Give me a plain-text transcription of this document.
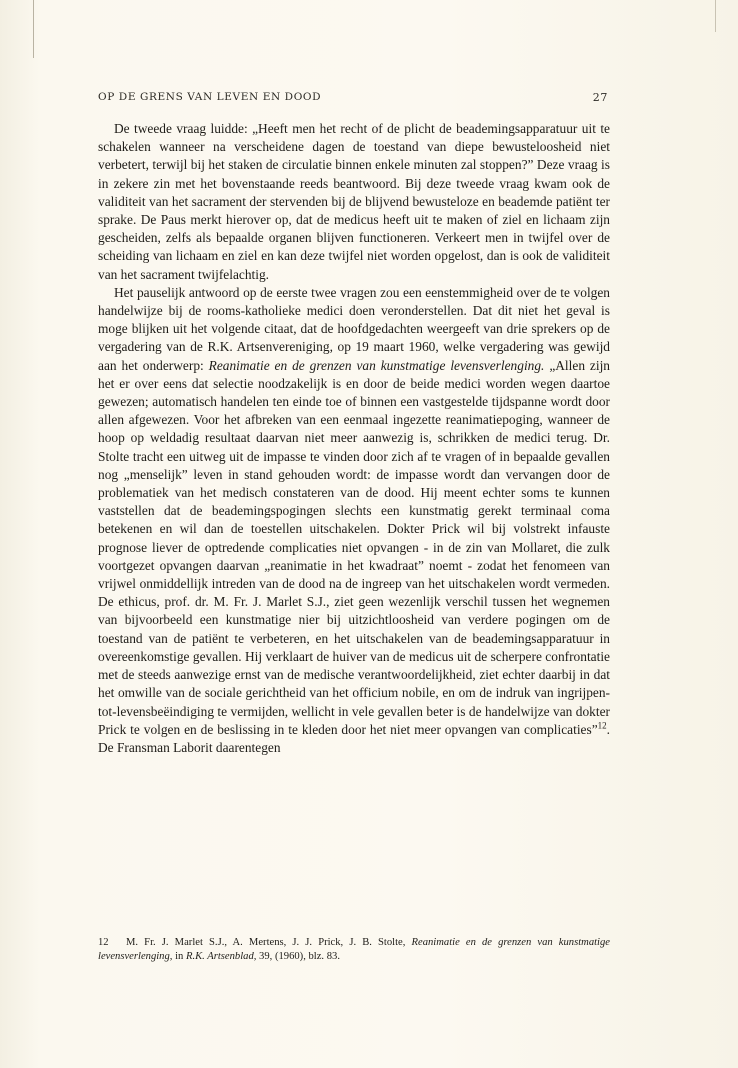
OP DE GRENS VAN LEVEN EN DOOD	27

De tweede vraag luidde: „Heeft men het recht of de plicht de beademingsapparatuur uit te schakelen wanneer na verscheidene dagen de toestand van diepe bewusteloosheid niet verbetert, terwijl bij het staken de circulatie binnen enkele minuten zal stoppen?” Deze vraag is in zekere zin met het bovenstaande reeds beantwoord. Bij deze tweede vraag kwam ook de validiteit van het sacrament der stervenden bij de blijvend bewusteloze en beademde patiënt ter sprake. De Paus merkt hierover op, dat de medicus heeft uit te maken of ziel en lichaam zijn gescheiden, zelfs als bepaalde organen blijven functioneren. Verkeert men in twijfel over de scheiding van lichaam en ziel en kan deze twijfel niet worden opgelost, dan is ook de validiteit van het sacrament twijfelachtig.

Het pauselijk antwoord op de eerste twee vragen zou een eenstemmigheid over de te volgen handelwijze bij de rooms-katholieke medici doen veronderstellen. Dat dit niet het geval is moge blijken uit het volgende citaat, dat de hoofdgedachten weergeeft van drie sprekers op de vergadering van de R.K. Artsenvereniging, op 19 maart 1960, welke vergadering was gewijd aan het onderwerp: Reanimatie en de grenzen van kunstmatige levensverlenging. „Allen zijn het er over eens dat selectie noodzakelijk is en door de beide medici worden wegen daartoe gewezen; automatisch handelen ten einde toe of binnen een vastgestelde tijdspanne wordt door allen afgewezen. Voor het afbreken van een eenmaal ingezette reanimatiepoging, wanneer de hoop op weldadig resultaat daarvan niet meer aanwezig is, schrikken de medici terug. Dr. Stolte tracht een uitweg uit de impasse te vinden door zich af te vragen of in bepaalde gevallen nog „menselijk” leven in stand gehouden wordt: de impasse wordt dan vervangen door de problematiek van het medisch constateren van de dood. Hij meent echter soms te kunnen vaststellen dat de beademingspogingen slechts een kunstmatig gerekt terminaal coma betekenen en wil dan de toestellen uitschakelen. Dokter Prick wil bij volstrekt infauste prognose liever de optredende complicaties niet opvangen - in de zin van Mollaret, die zulk voortgezet opvangen daarvan „reanimatie in het kwadraat” noemt - zodat het fenomeen van vrijwel onmiddellijk intreden van de dood na de ingreep van het uitschakelen wordt vermeden. De ethicus, prof. dr. M. Fr. J. Marlet S.J., ziet geen wezenlijk verschil tussen het wegnemen van bijvoorbeeld een kunstmatige nier bij uitzichtloosheid van verdere pogingen om de toestand van de patiënt te verbeteren, en het uitschakelen van de beademingsapparatuur in overeenkomstige gevallen. Hij verklaart de huiver van de medicus uit de scherpere confrontatie met de steeds aanwezige ernst van de medische verantwoordelijkheid, ziet echter daarbij in dat het omwille van de sociale gerichtheid van het officium nobile, en om de indruk van ingrijpen-tot-levensbeëindiging te vermijden, wellicht in vele gevallen beter is de handelwijze van dokter Prick te volgen en de beslissing in te kleden door het niet meer opvangen van complicaties”$^{12}$. De Fransman Laborit daarentegen

12 M. Fr. J. Marlet S.J., A. Mertens, J. J. Prick, J. B. Stolte, Reanimatie en de grenzen van kunstmatige levensverlenging, in R.K. Artsenblad, 39, (1960), blz. 83.
